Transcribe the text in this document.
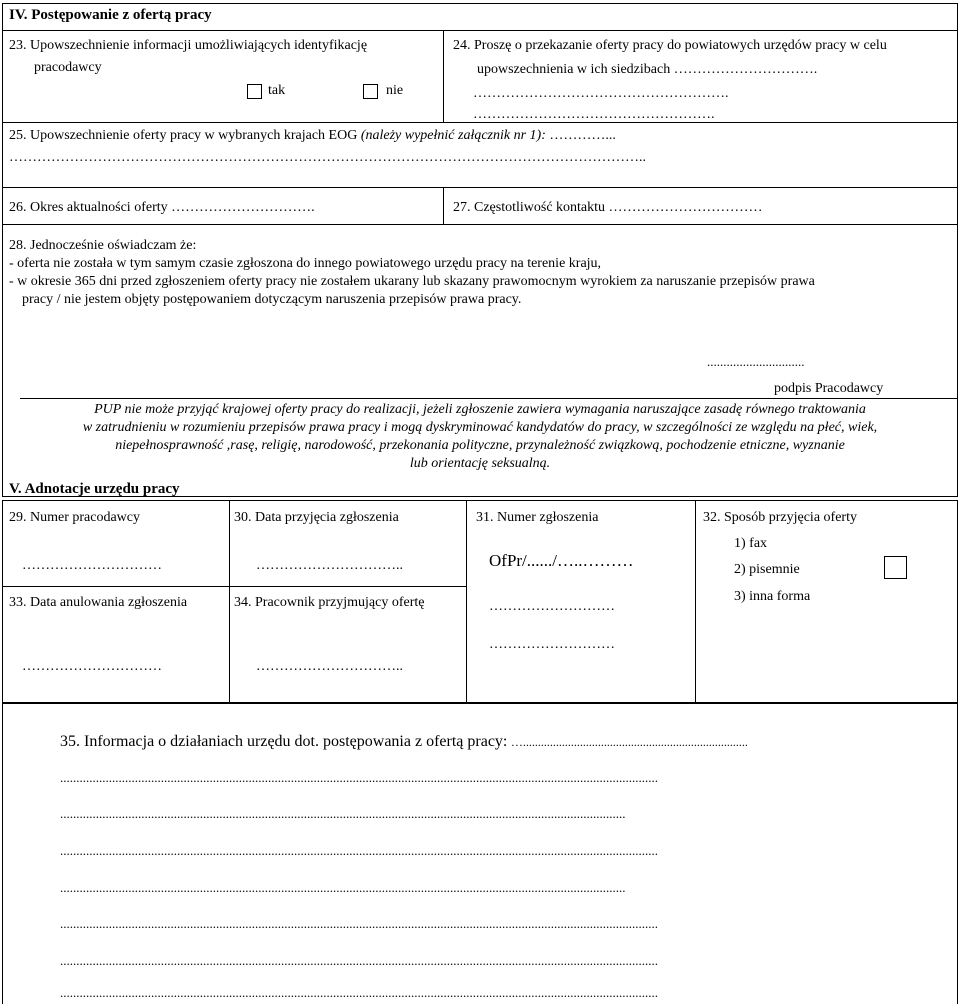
IV. Postępowanie z ofertą pracy
23. Upowszechnienie informacji umożliwiających identyfikację
pracodawcy
tak	nie
24. Proszę o przekazanie oferty pracy do powiatowych urzędów pracy w celu
upowszechnienia w ich siedzibach ………………………….
……………………………………………….
…………………………………………….
25. Upowszechnienie oferty pracy w wybranych krajach EOG (należy wypełnić załącznik nr 1): …………...
………………………………………………………………………………………………………………………..
26. Okres aktualności oferty ………………………….	27. Częstotliwość kontaktu ……………………………
28. Jednocześnie oświadczam że:
- oferta nie została w tym samym czasie zgłoszona do innego powiatowego urzędu pracy na terenie kraju,
- w okresie 365 dni przed zgłoszeniem oferty pracy nie zostałem ukarany lub skazany prawomocnym wyrokiem za naruszanie przepisów prawa
pracy / nie jestem objęty postępowaniem dotyczącym naruszenia przepisów prawa pracy.
..............................
podpis Pracodawcy
PUP nie może przyjąć krajowej oferty pracy do realizacji, jeżeli zgłoszenie zawiera wymagania naruszające zasadę równego traktowania
w zatrudnieniu w rozumieniu przepisów prawa pracy i mogą dyskryminować kandydatów do pracy, w szczególności ze względu na płeć, wiek,
niepełnosprawność ,rasę, religię, narodowość, przekonania polityczne, przynależność związkową, pochodzenie etniczne, wyznanie
lub orientację seksualną.
V. Adnotacje urzędu pracy
29. Numer pracodawcy
…………………………
30. Data przyjęcia zgłoszenia
…………………………..
31. Numer zgłoszenia
OfPr/....../…..………
………………………
………………………
32. Sposób przyjęcia oferty
1) fax
2) pisemnie
3) inna forma
33. Data anulowania zgłoszenia
…………………………
34. Pracownik przyjmujący ofertę
…………………………..
35. Informacja o działaniach urzędu dot. postępowania z ofertą pracy: …...........................................................................
........................................................................................................................................................................................
..............................................................................................................................................................................
........................................................................................................................................................................................
..............................................................................................................................................................................
........................................................................................................................................................................................
........................................................................................................................................................................................
........................................................................................................................................................................................
